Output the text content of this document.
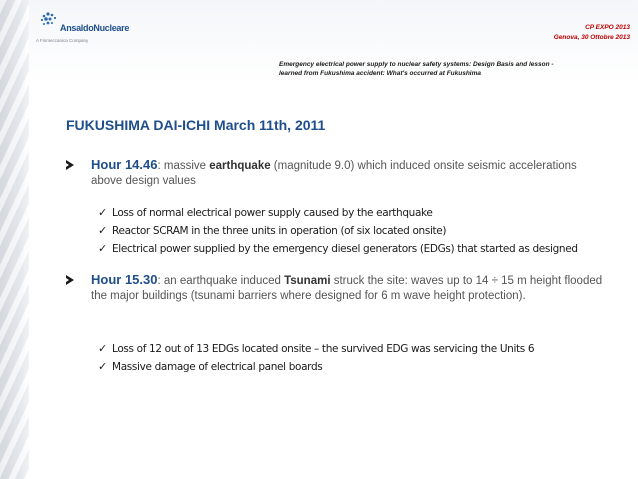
AnsaldoNucleare
A Finmeccanica Company
CP EXPO 2013
Genova, 30 Ottobre 2013
Emergency electrical power supply to nuclear safety systems: Design Basis and lesson -
learned from Fukushima accident: What's occurred at Fukushima
FUKUSHIMA DAI-ICHI March 11th, 2011
Hour 14.46: massive earthquake (magnitude 9.0) which induced onsite seismic accelerations above design values
✓ Loss of normal electrical power supply caused by the earthquake
✓ Reactor SCRAM in the three units in operation (of six located onsite)
✓ Electrical power supplied by the emergency diesel generators (EDGs) that started as designed
Hour 15.30: an earthquake induced Tsunami struck the site: waves up to 14 ÷ 15 m height flooded the major buildings (tsunami barriers where designed for 6 m wave height protection).
✓ Loss of 12 out of 13 EDGs located onsite – the survived EDG was servicing the Units 6
✓ Massive damage of electrical panel boards
